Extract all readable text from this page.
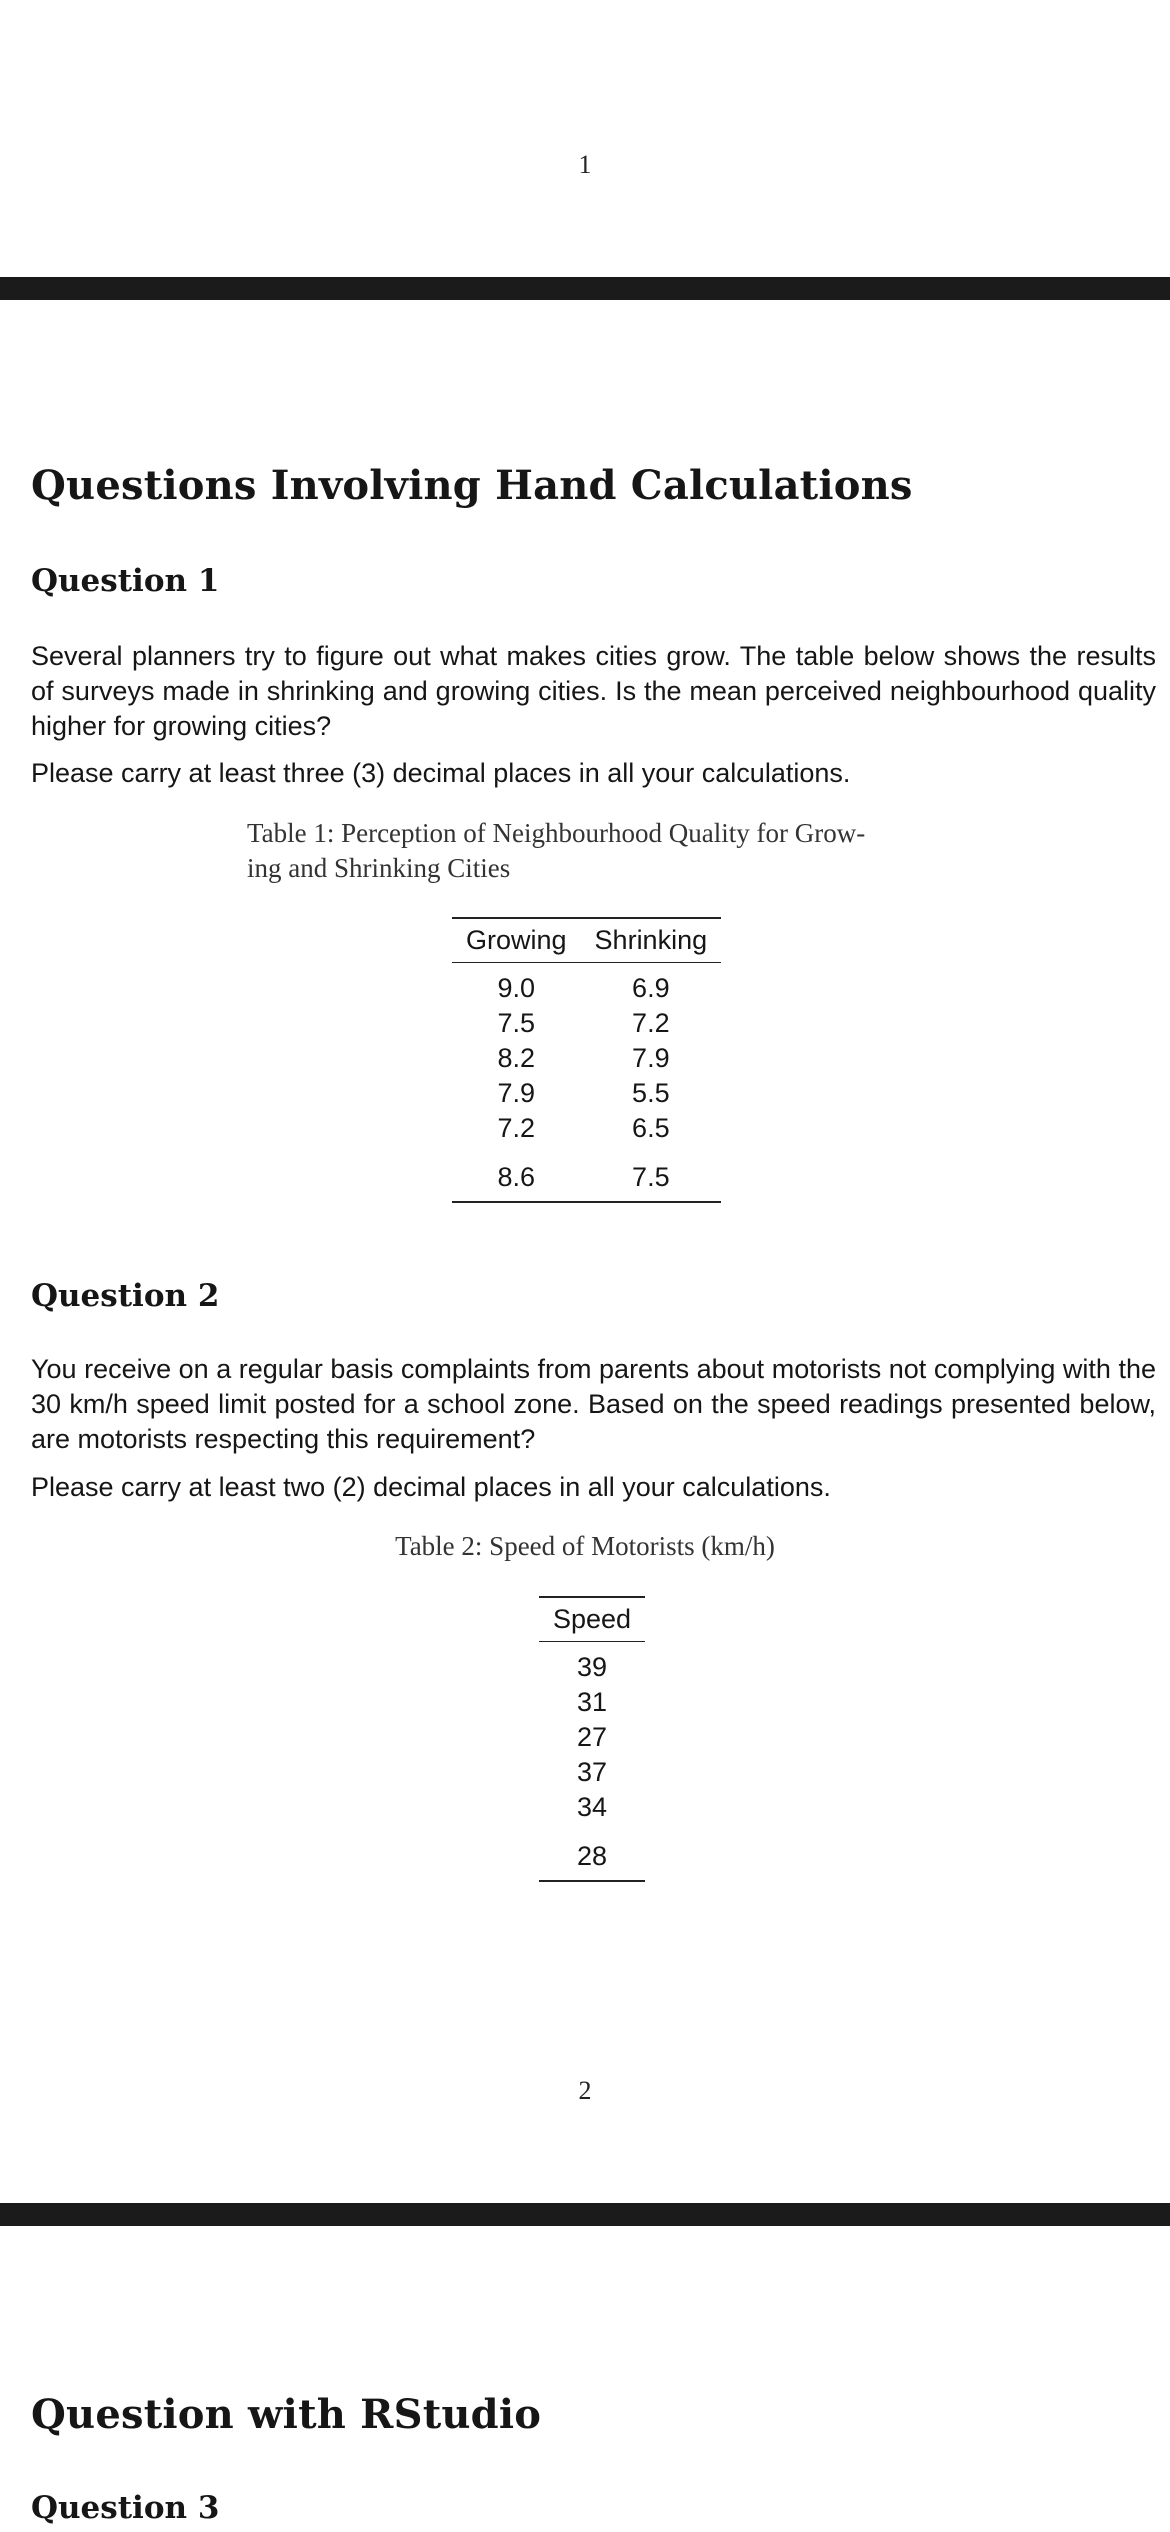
1
Questions Involving Hand Calculations
Question 1

Several planners try to figure out what makes cities grow. The table below shows the results of surveys made in shrinking and growing cities. Is the mean perceived neighbourhood quality higher for growing cities?

Please carry at least three (3) decimal places in all your calculations.

Table 1: Perception of Neighbourhood Quality for Grow-
ing and Shrinking Cities
Growing	Shrinking
9.0	6.9
7.5	7.2
8.2	7.9
7.9	5.5
7.2	6.5
8.6	7.5
Question 2

You receive on a regular basis complaints from parents about motorists not complying with the 30 km/h speed limit posted for a school zone. Based on the speed readings presented below, are motorists respecting this requirement?

Please carry at least two (2) decimal places in all your calculations.

Table 2: Speed of Motorists (km/h)
Speed
39
31
27
37
34
28
2
Question with RStudio
Question 3
